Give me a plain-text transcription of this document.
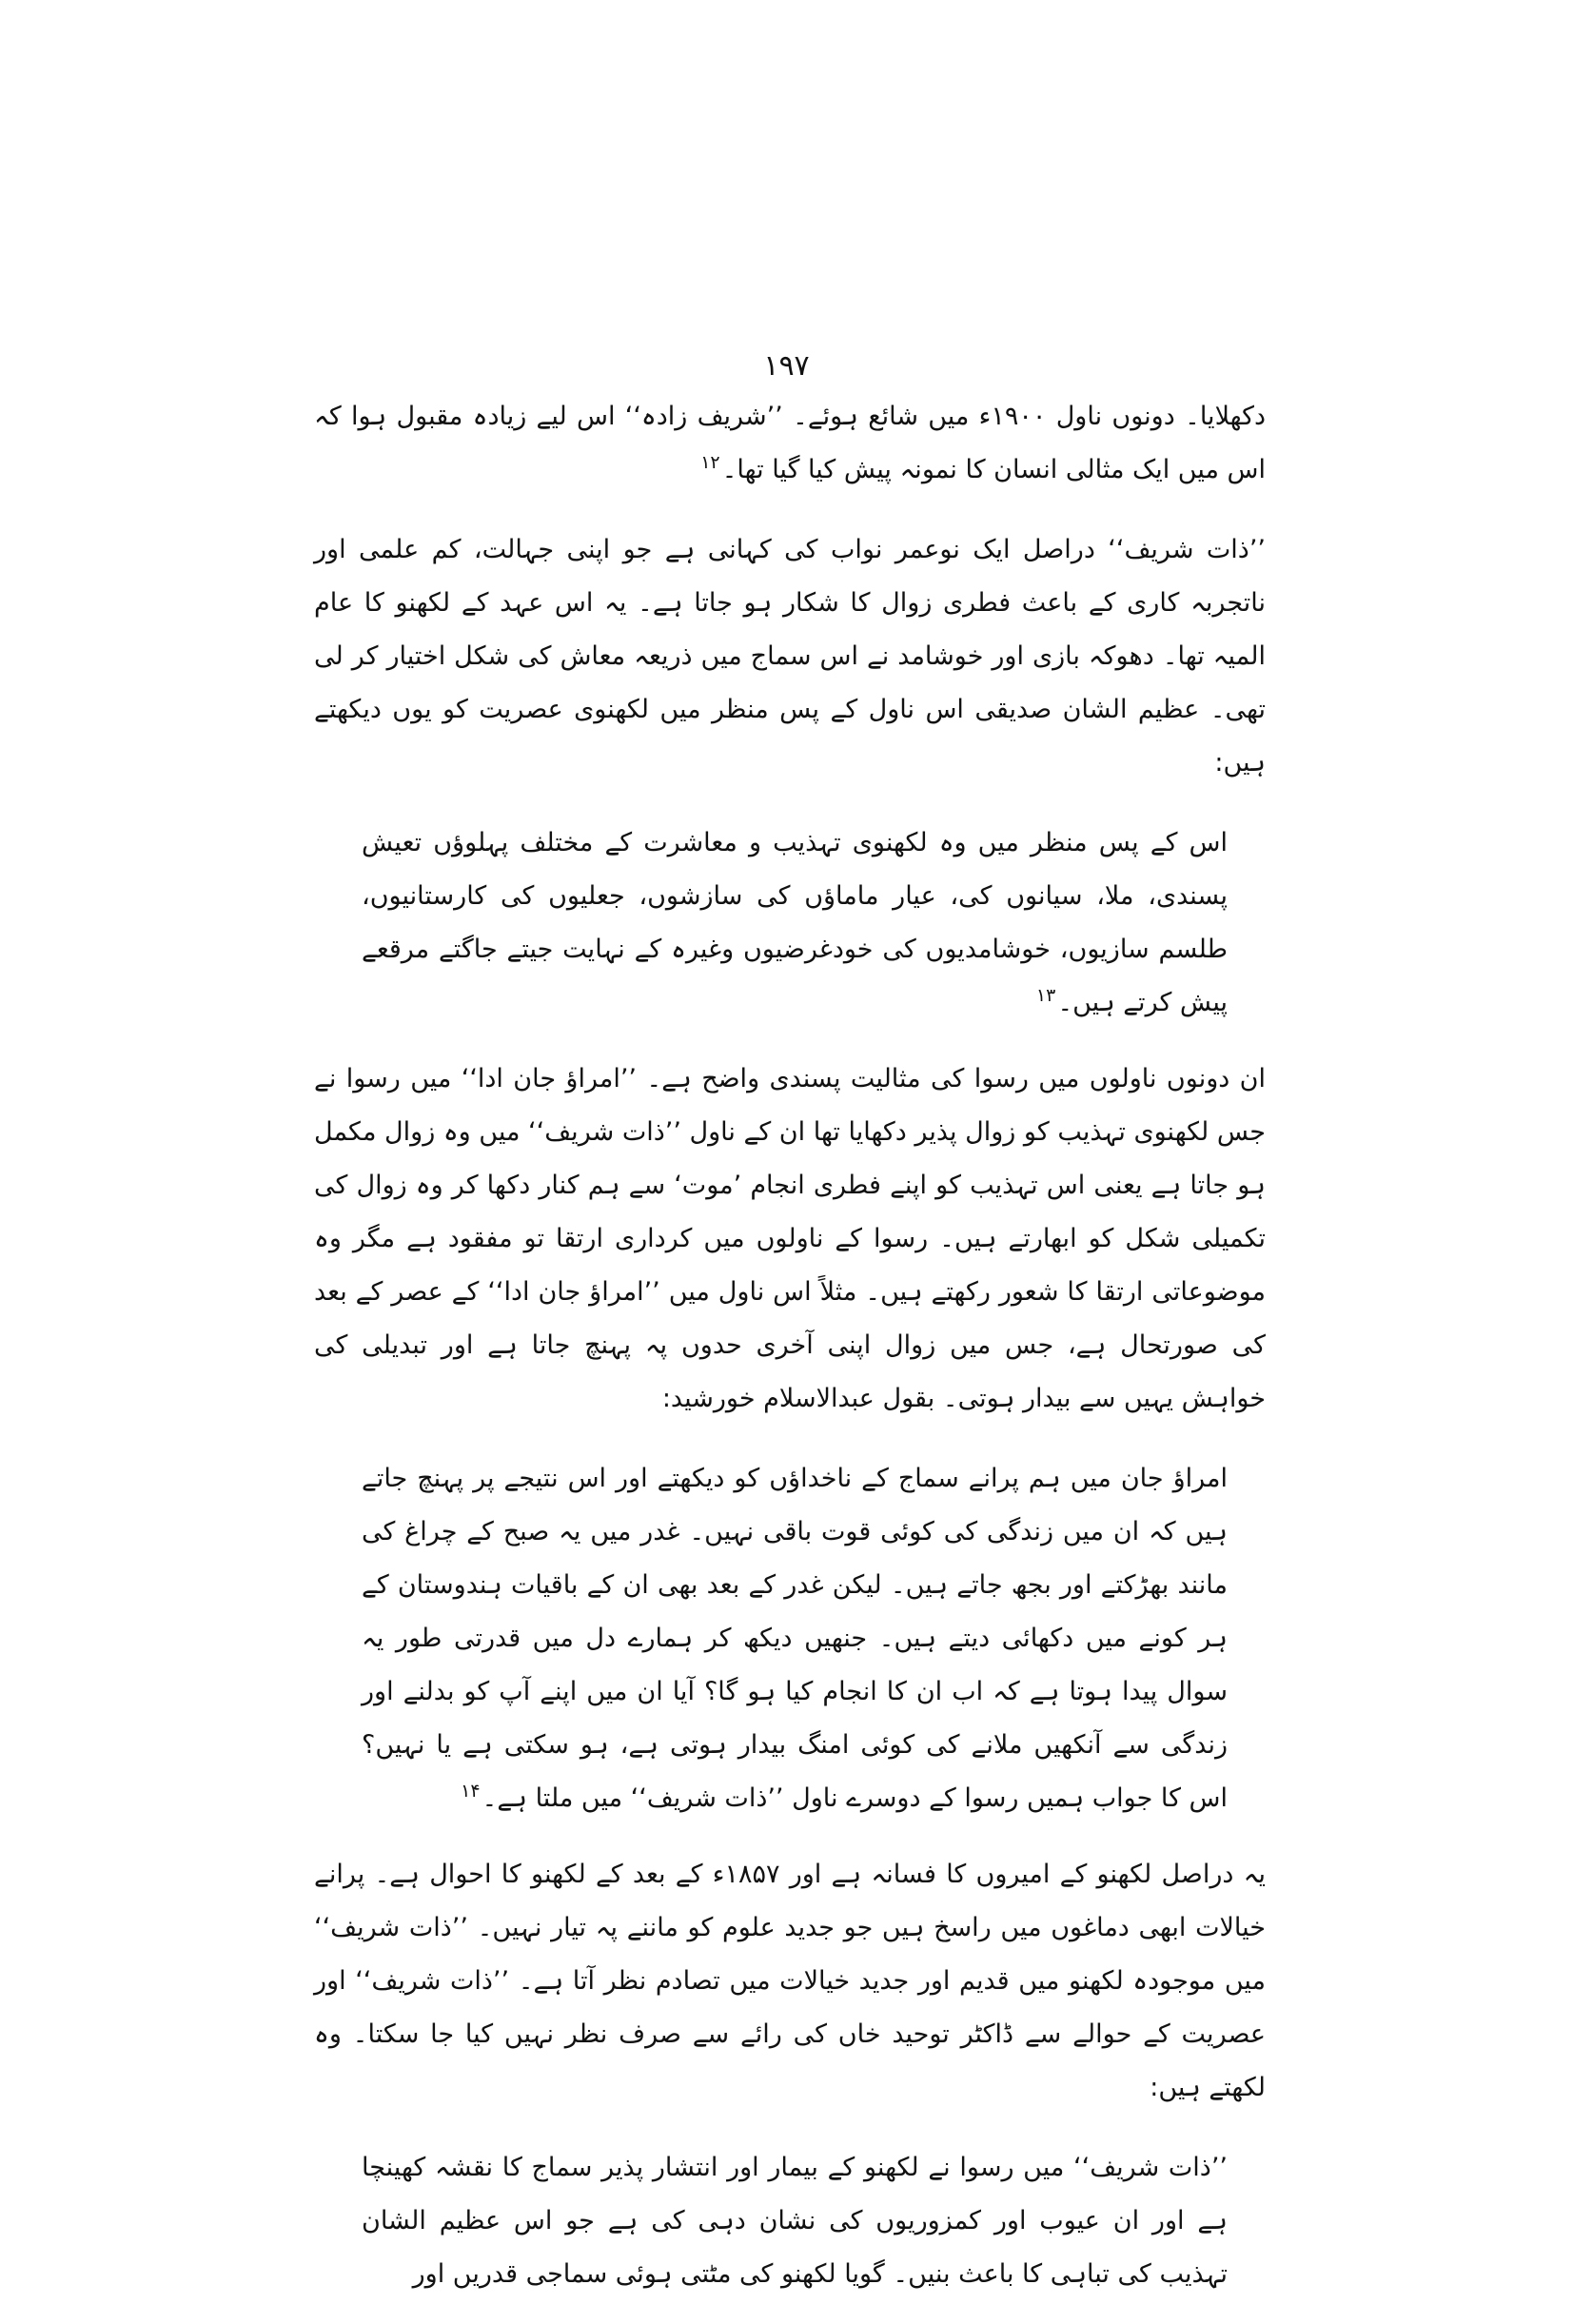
۱۹۷

دکھلایا۔ دونوں ناول ۱۹۰۰ء میں شائع ہوئے۔ ’’شریف زادہ‘‘ اس لیے زیادہ مقبول ہوا کہ اس میں ایک مثالی انسان کا نمونہ پیش کیا گیا تھا۔$^{۱۲}$

’’ذات شریف‘‘ دراصل ایک نوعمر نواب کی کہانی ہے جو اپنی جہالت، کم علمی اور ناتجربہ کاری کے باعث فطری زوال کا شکار ہو جاتا ہے۔ یہ اس عہد کے لکھنو کا عام المیہ تھا۔ دھوکہ بازی اور خوشامد نے اس سماج میں ذریعہ معاش کی شکل اختیار کر لی تھی۔ عظیم الشان صدیقی اس ناول کے پس منظر میں لکھنوی عصریت کو یوں دیکھتے ہیں:

اس کے پس منظر میں وہ لکھنوی تہذیب و معاشرت کے مختلف پہلوؤں تعیش پسندی، ملا، سیانوں کی، عیار ماماؤں کی سازشوں، جعلیوں کی کارستانیوں، طلسم سازیوں، خوشامدیوں کی خودغرضیوں وغیرہ کے نہایت جیتے جاگتے مرقعے پیش کرتے ہیں۔$^{۱۳}$

ان دونوں ناولوں میں رسوا کی مثالیت پسندی واضح ہے۔ ’’امراؤ جان ادا‘‘ میں رسوا نے جس لکھنوی تہذیب کو زوال پذیر دکھایا تھا ان کے ناول ’’ذات شریف‘‘ میں وہ زوال مکمل ہو جاتا ہے یعنی اس تہذیب کو اپنے فطری انجام ’موت‘ سے ہم کنار دکھا کر وہ زوال کی تکمیلی شکل کو ابھارتے ہیں۔ رسوا کے ناولوں میں کرداری ارتقا تو مفقود ہے مگر وہ موضوعاتی ارتقا کا شعور رکھتے ہیں۔ مثلاً اس ناول میں ’’امراؤ جان ادا‘‘ کے عصر کے بعد کی صورتحال ہے، جس میں زوال اپنی آخری حدوں پہ پہنچ جاتا ہے اور تبدیلی کی خواہش یہیں سے بیدار ہوتی۔ بقول عبدالاسلام خورشید:

امراؤ جان میں ہم پرانے سماج کے ناخداؤں کو دیکھتے اور اس نتیجے پر پہنچ جاتے ہیں کہ ان میں زندگی کی کوئی قوت باقی نہیں۔ غدر میں یہ صبح کے چراغ کی مانند بھڑکتے اور بجھ جاتے ہیں۔ لیکن غدر کے بعد بھی ان کے باقیات ہندوستان کے ہر کونے میں دکھائی دیتے ہیں۔ جنھیں دیکھ کر ہمارے دل میں قدرتی طور یہ سوال پیدا ہوتا ہے کہ اب ان کا انجام کیا ہو گا؟ آیا ان میں اپنے آپ کو بدلنے اور زندگی سے آنکھیں ملانے کی کوئی امنگ بیدار ہوتی ہے، ہو سکتی ہے یا نہیں؟ اس کا جواب ہمیں رسوا کے دوسرے ناول ’’ذات شریف‘‘ میں ملتا ہے۔$^{۱۴}$

یہ دراصل لکھنو کے امیروں کا فسانہ ہے اور ۱۸۵۷ء کے بعد کے لکھنو کا احوال ہے۔ پرانے خیالات ابھی دماغوں میں راسخ ہیں جو جدید علوم کو ماننے پہ تیار نہیں۔ ’’ذات شریف‘‘ میں موجودہ لکھنو میں قدیم اور جدید خیالات میں تصادم نظر آتا ہے۔ ’’ذات شریف‘‘ اور عصریت کے حوالے سے ڈاکٹر توحید خاں کی رائے سے صرف نظر نہیں کیا جا سکتا۔ وہ لکھتے ہیں:

’’ذات شریف‘‘ میں رسوا نے لکھنو کے بیمار اور انتشار پذیر سماج کا نقشہ کھینچا ہے اور ان عیوب اور کمزوریوں کی نشان دہی کی ہے جو اس عظیم الشان تہذیب کی تباہی کا باعث بنیں۔ گویا لکھنو کی مٹتی ہوئی سماجی قدریں اور
